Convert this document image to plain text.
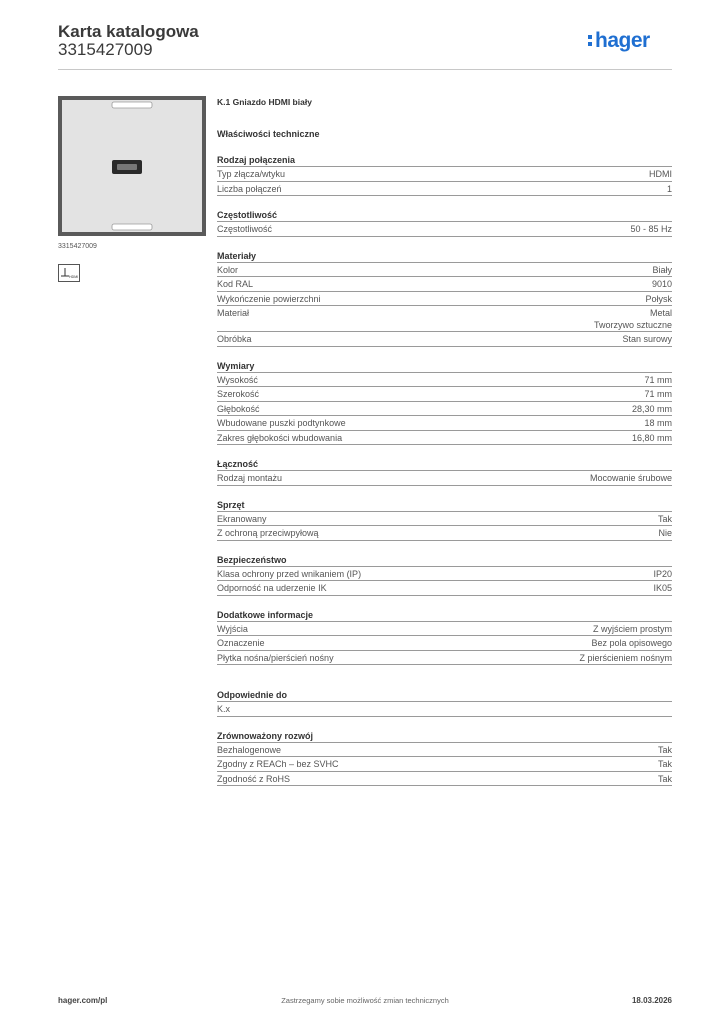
Karta katalogowa
3315427009	hager
3315427009
HDMI
K.1 Gniazdo HDMI biały
Właściwości techniczne
Rodzaj połączenia
Typ złącza/wtyku	HDMI
Liczba połączeń	1
Częstotliwość
Częstotliwość	50 - 85 Hz
Materiały
Kolor	Biały
Kod RAL	9010
Wykończenie powierzchni	Połysk
Materiał	Metal
Tworzywo sztuczne
Obróbka	Stan surowy
Wymiary
Wysokość	71 mm
Szerokość	71 mm
Głębokość	28,30 mm
Wbudowane puszki podtynkowe	18 mm
Zakres głębokości wbudowania	16,80 mm
Łączność
Rodzaj montażu	Mocowanie śrubowe
Sprzęt
Ekranowany	Tak
Z ochroną przeciwpyłową	Nie
Bezpieczeństwo
Klasa ochrony przed wnikaniem (IP)	IP20
Odporność na uderzenie IK	IK05
Dodatkowe informacje
Wyjścia	Z wyjściem prostym
Oznaczenie	Bez pola opisowego
Płytka nośna/pierścień nośny	Z pierścieniem nośnym
Odpowiednie do
K.x
Zrównoważony rozwój
Bezhalogenowe	Tak
Zgodny z REACh – bez SVHC	Tak
Zgodność z RoHS	Tak
Zastrzegamy sobie możliwość zmian technicznych
hager.com/pl	18.03.2026
